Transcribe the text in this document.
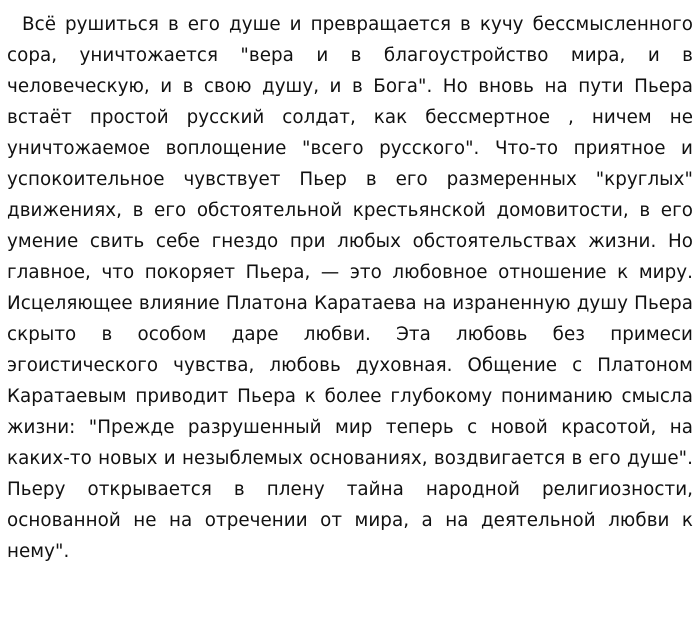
Всё рушиться в его душе и превращается в кучу бессмысленного сора, уничтожается "вера и в благоустройство мира, и в человеческую, и в свою душу, и в Бога". Но вновь на пути Пьера встаёт простой русский солдат, как бессмертное , ничем не уничтожаемое воплощение "всего русского". Что-то приятное и успокоительное чувствует Пьер в его размеренных "круглых" движениях, в его обстоятельной крестьянской домовитости, в его умение свить себе гнездо при любых обстоятельствах жизни. Но главное, что покоряет Пьера, — это любовное отношение к миру. Исцеляющее влияние Платона Каратаева на израненную душу Пьера скрыто в особом даре любви. Эта любовь без примеси эгоистического чувства, любовь духовная. Общение с Платоном Каратаевым приводит Пьера к более глубокому пониманию смысла жизни: "Прежде разрушенный мир теперь с новой красотой, на каких-то новых и незыблемых основаниях, воздвигается в его душе". Пьеру открывается в плену тайна народной религиозности, основанной не на отречении от мира, а на деятельной любви к нему".
